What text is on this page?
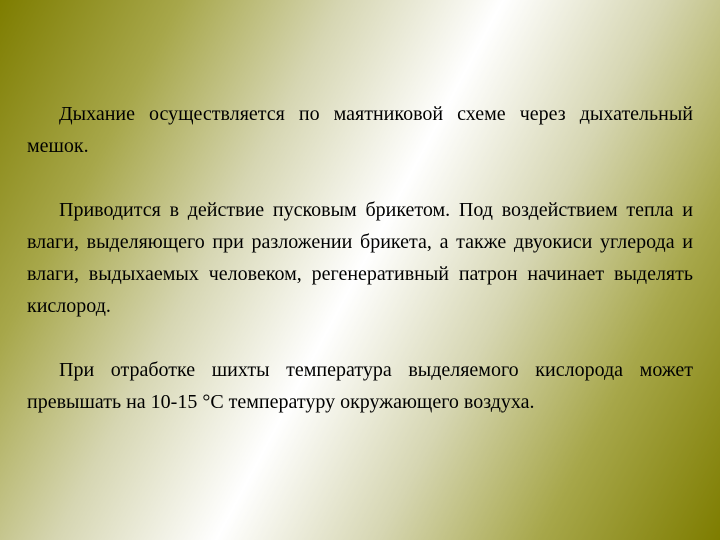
Дыхание осуществляется по маятниковой схеме через дыхательный мешок.

Приводится в действие пусковым брикетом. Под воздействием тепла и влаги, выделяющего при разложении брикета, а также двуокиси углерода и влаги, выдыхаемых человеком, регенеративный патрон начинает выделять кислород.

При отработке шихты температура выделяемого кислорода может превышать на 10-15 °С температуру окружающего воздуха.
